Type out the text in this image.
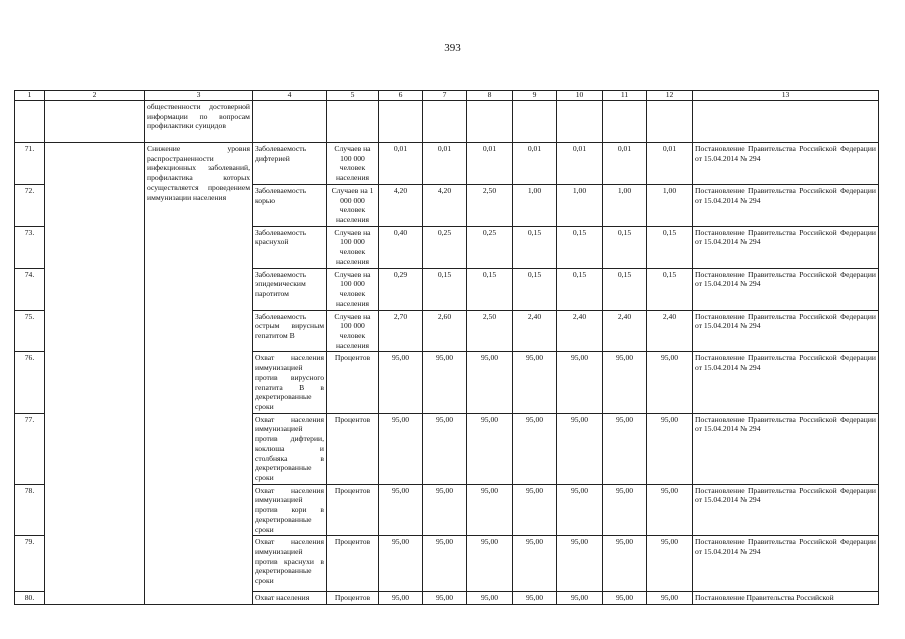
393
1	2	3	4	5	6	7	8	9	10	11	12	13
		общественности достоверной информации по вопросам профилактики суицидов										
71.		Снижение уровня распространенности инфекционных заболеваний, профилактика которых осуществляется проведением иммунизации населения	Заболеваемость дифтерией	Случаев на 100 000 человек населения	0,01	0,01	0,01	0,01	0,01	0,01	0,01	Постановление Правительства Российской Федерации от 15.04.2014 № 294
72.			Заболеваемость корью	Случаев на 1 000 000 человек населения	4,20	4,20	2,50	1,00	1,00	1,00	1,00	Постановление Правительства Российской Федерации от 15.04.2014 № 294
73.			Заболеваемость краснухой	Случаев на 100 000 человек населения	0,40	0,25	0,25	0,15	0,15	0,15	0,15	Постановление Правительства Российской Федерации от 15.04.2014 № 294
74.			Заболеваемость эпидемическим паротитом	Случаев на 100 000 человек населения	0,29	0,15	0,15	0,15	0,15	0,15	0,15	Постановление Правительства Российской Федерации от 15.04.2014 № 294
75.			Заболеваемость острым вирусным гепатитом В	Случаев на 100 000 человек населения	2,70	2,60	2,50	2,40	2,40	2,40	2,40	Постановление Правительства Российской Федерации от 15.04.2014 № 294
76.			Охват населения иммунизацией против вирусного гепатита В в декретированные сроки	Процентов	95,00	95,00	95,00	95,00	95,00	95,00	95,00	Постановление Правительства Российской Федерации от 15.04.2014 № 294
77.			Охват населения иммунизацией против дифтерии, коклюша и столбняка в декретированные сроки	Процентов	95,00	95,00	95,00	95,00	95,00	95,00	95,00	Постановление Правительства Российской Федерации от 15.04.2014 № 294
78.			Охват населения иммунизацией против кори в декретированные сроки	Процентов	95,00	95,00	95,00	95,00	95,00	95,00	95,00	Постановление Правительства Российской Федерации от 15.04.2014 № 294
79.			Охват населения иммунизацией против краснухи в декретированные сроки	Процентов	95,00	95,00	95,00	95,00	95,00	95,00	95,00	Постановление Правительства Российской Федерации от 15.04.2014 № 294
80.			Охват населения	Процентов	95,00	95,00	95,00	95,00	95,00	95,00	95,00	Постановление Правительства Российской
